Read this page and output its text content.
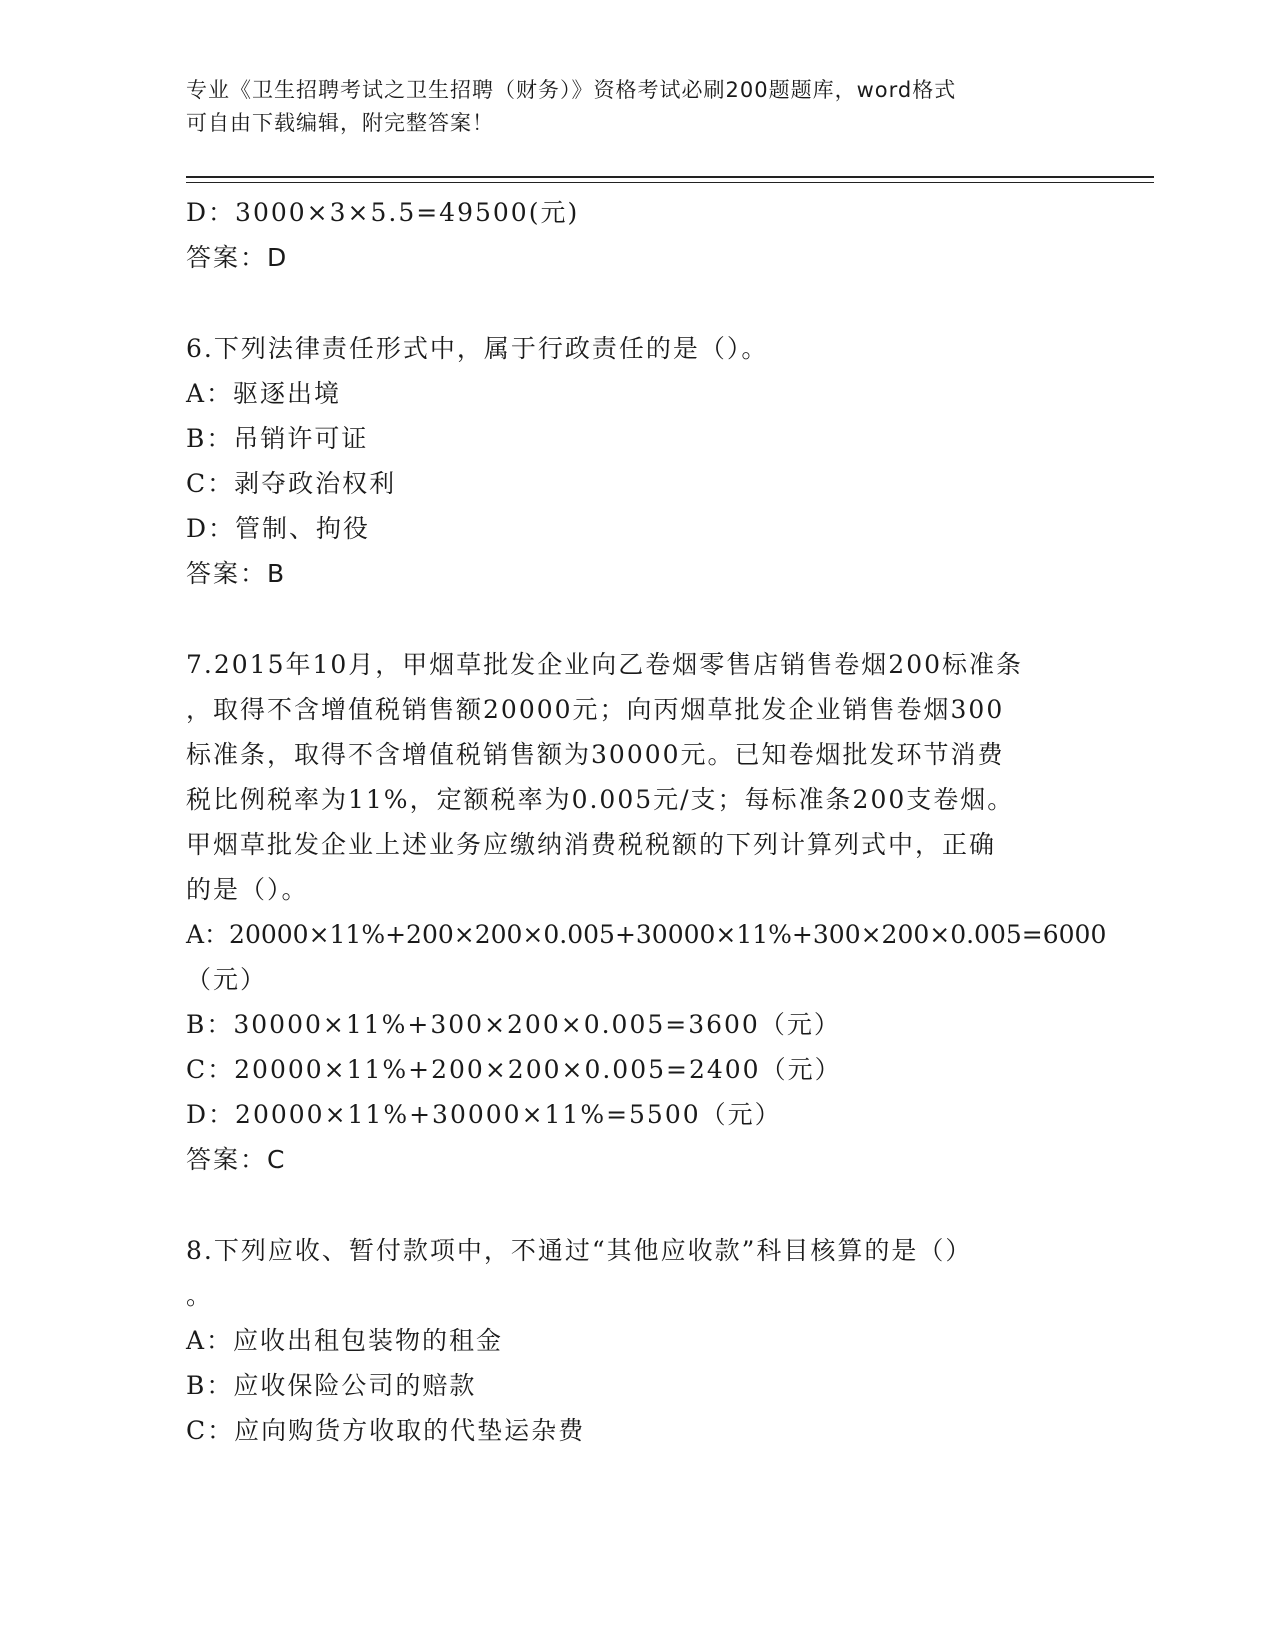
专业《卫生招聘考试之卫生招聘（财务）》资格考试必刷200题题库，word格式
可自由下载编辑，附完整答案！

D：3000×3×5.5=49500(元)

答案：D

6.下列法律责任形式中，属于行政责任的是（）。

A：驱逐出境

B：吊销许可证

C：剥夺政治权利

D：管制、拘役

答案：B

7.2015年10月，甲烟草批发企业向乙卷烟零售店销售卷烟200标准条

，取得不含增值税销售额20000元；向丙烟草批发企业销售卷烟300

标准条，取得不含增值税销售额为30000元。已知卷烟批发环节消费

税比例税率为11%，定额税率为0.005元/支；每标准条200支卷烟。

甲烟草批发企业上述业务应缴纳消费税税额的下列计算列式中，正确

的是（）。

A：20000×11%+200×200×0.005+30000×11%+300×200×0.005=6000

（元）

B：30000×11%+300×200×0.005=3600（元）

C：20000×11%+200×200×0.005=2400（元）

D：20000×11%+30000×11%=5500（元）

答案：C

8.下列应收、暂付款项中，不通过“其他应收款”科目核算的是（）

。

A：应收出租包装物的租金

B：应收保险公司的赔款

C：应向购货方收取的代垫运杂费
